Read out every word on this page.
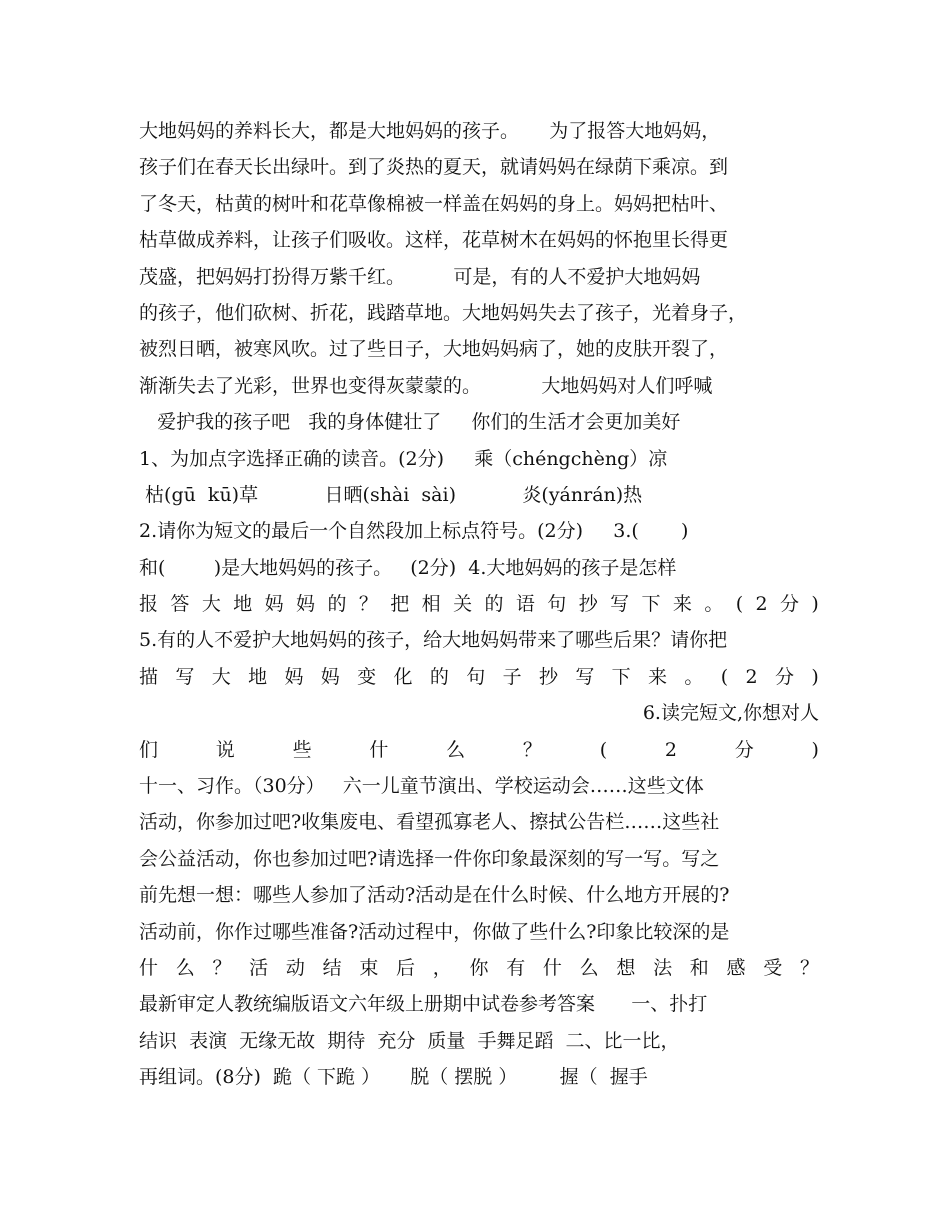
大地妈妈的养料长大，都是大地妈妈的孩子。     为了报答大地妈妈，
孩子们在春天长出绿叶。到了炎热的夏天，就请妈妈在绿荫下乘凉。到
了冬天，枯黄的树叶和花草像棉被一样盖在妈妈的身上。妈妈把枯叶、
枯草做成养料，让孩子们吸收。这样，花草树木在妈妈的怀抱里长得更
茂盛，把妈妈打扮得万紫千红。        可是，有的人不爱护大地妈妈
的孩子，他们砍树、折花，践踏草地。大地妈妈失去了孩子，光着身子，
被烈日晒，被寒风吹。过了些日子，大地妈妈病了，她的皮肤开裂了，
渐渐失去了光彩，世界也变得灰蒙蒙的。          大地妈妈对人们呼喊
爱护我的孩子吧   我的身体健壮了     你们的生活才会更加美好
1、为加点字选择正确的读音。(2分)     乘（chéngchèng）凉
枯(gū  kū)草           日晒(shài  sài)           炎(yánrán)热
2.请你为短文的最后一个自然段加上标点符号。(2分)     3.(       )
和(        )是大地妈妈的孩子。   (2分)  4.大地妈妈的孩子是怎样
报 答 大 地 妈 妈 的 ？ 把 相 关 的 语 句 抄 写 下 来 。 ( 2 分 )
5.有的人不爱护大地妈妈的孩子，给大地妈妈带来了哪些后果？请你把
描 写 大 地 妈 妈 变 化 的 句 子 抄 写 下 来 。 ( 2 分 )
6.读完短文,你想对人
们	说	些	什	么	？	(	2	分	)
十一、习作。（30分）   六一儿童节演出、学校运动会……这些文体
活动，你参加过吧?收集废电、看望孤寡老人、擦拭公告栏……这些社
会公益活动，你也参加过吧?请选择一件你印象最深刻的写一写。写之
前先想一想：哪些人参加了活动?活动是在什么时候、什么地方开展的?
活动前，你作过哪些准备?活动过程中，你做了些什么?印象比较深的是
什 么 ？ 活 动 结 束 后 ， 你 有 什 么 想 法 和 感 受 ？
最新审定人教统编版语文六年级上册期中试卷参考答案      一、扑打
结识  表演  无缘无故  期待  充分  质量  手舞足蹈  二、比一比，
再组词。(8分)  跪（ 下跪 ）     脱（ 摆脱 ）       握（  握手
